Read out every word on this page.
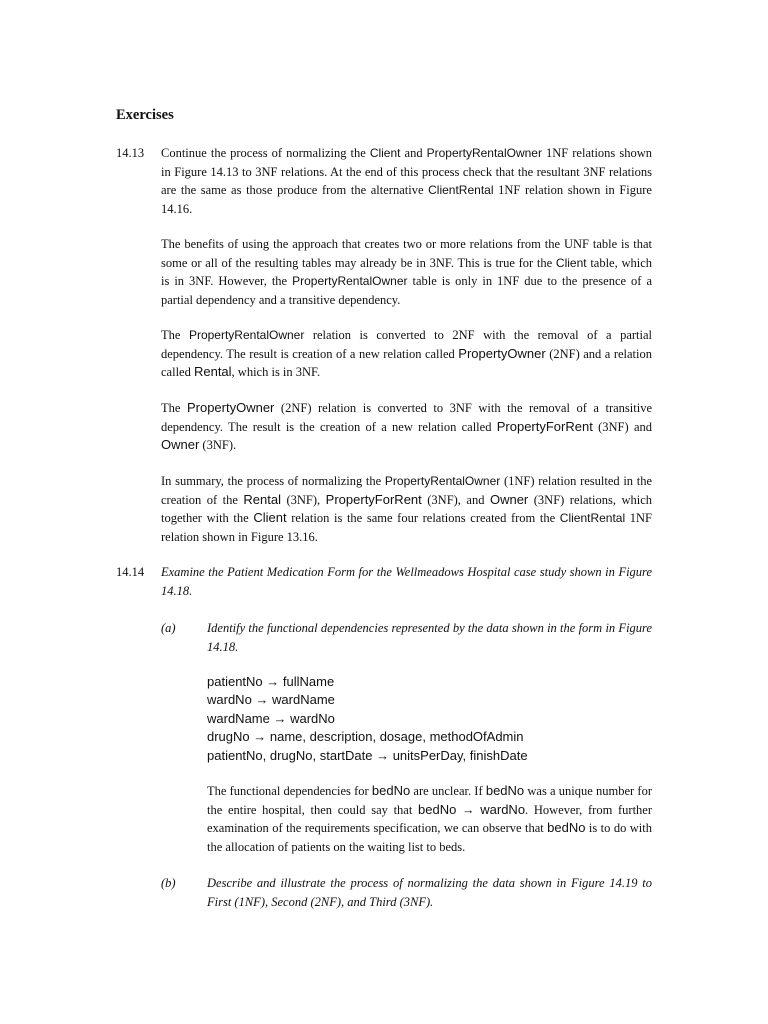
Exercises
14.13 Continue the process of normalizing the Client and PropertyRentalOwner 1NF relations shown in Figure 14.13 to 3NF relations. At the end of this process check that the resultant 3NF relations are the same as those produce from the alternative ClientRental 1NF relation shown in Figure 14.16.
The benefits of using the approach that creates two or more relations from the UNF table is that some or all of the resulting tables may already be in 3NF. This is true for the Client table, which is in 3NF. However, the PropertyRentalOwner table is only in 1NF due to the presence of a partial dependency and a transitive dependency.
The PropertyRentalOwner relation is converted to 2NF with the removal of a partial dependency. The result is creation of a new relation called PropertyOwner (2NF) and a relation called Rental, which is in 3NF.
The PropertyOwner (2NF) relation is converted to 3NF with the removal of a transitive dependency. The result is the creation of a new relation called PropertyForRent (3NF) and Owner (3NF).
In summary, the process of normalizing the PropertyRentalOwner (1NF) relation resulted in the creation of the Rental (3NF), PropertyForRent (3NF), and Owner (3NF) relations, which together with the Client relation is the same four relations created from the ClientRental 1NF relation shown in Figure 13.16.
14.14 Examine the Patient Medication Form for the Wellmeadows Hospital case study shown in Figure 14.18.
(a)	Identify the functional dependencies represented by the data shown in the form in Figure 14.18.
patientNo → fullName
wardNo → wardName
wardName → wardNo
drugNo → name, description, dosage, methodOfAdmin
patientNo, drugNo, startDate → unitsPerDay, finishDate
The functional dependencies for bedNo are unclear. If bedNo was a unique number for the entire hospital, then could say that bedNo → wardNo. However, from further examination of the requirements specification, we can observe that bedNo is to do with the allocation of patients on the waiting list to beds.
(b)	Describe and illustrate the process of normalizing the data shown in Figure 14.19 to First (1NF), Second (2NF), and Third (3NF).
